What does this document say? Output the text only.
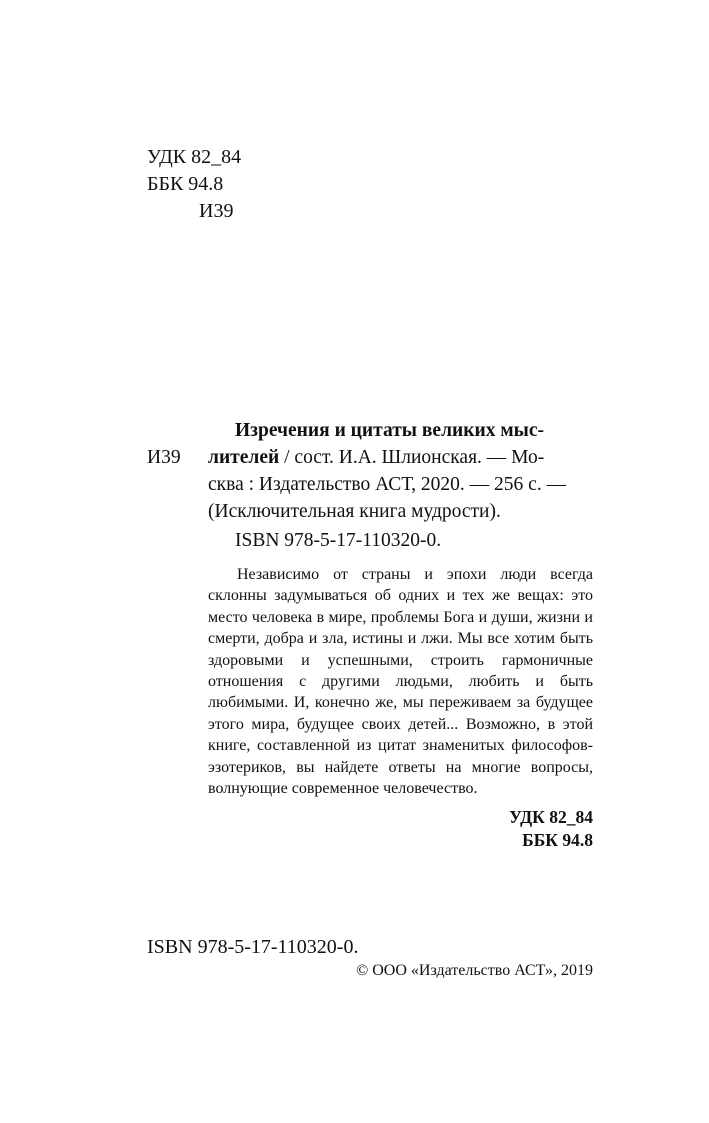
УДК 82_84
ББК 94.8
И39
И39
Изречения и цитаты великих мыс-
лителей / сост. И.А. Шлионская. — Мо-
сква : Издательство АСТ, 2020. — 256 с. —
(Исключительная книга мудрости).
ISBN 978-5-17-110320-0.
Независимо от страны и эпохи люди всегда склонны задумываться об одних и тех же вещах: это место человека в мире, проблемы Бога и души, жизни и смерти, добра и зла, истины и лжи. Мы все хотим быть здоровыми и успешными, строить гармоничные отношения с другими людьми, любить и быть любимыми. И, конечно же, мы переживаем за будущее этого мира, будущее своих детей... Возможно, в этой книге, составленной из цитат знаменитых философов-эзотериков, вы найдете ответы на многие вопросы, волнующие современное человечество.
УДК 82_84
ББК 94.8
ISBN 978-5-17-110320-0.
© ООО «Издательство АСТ», 2019
